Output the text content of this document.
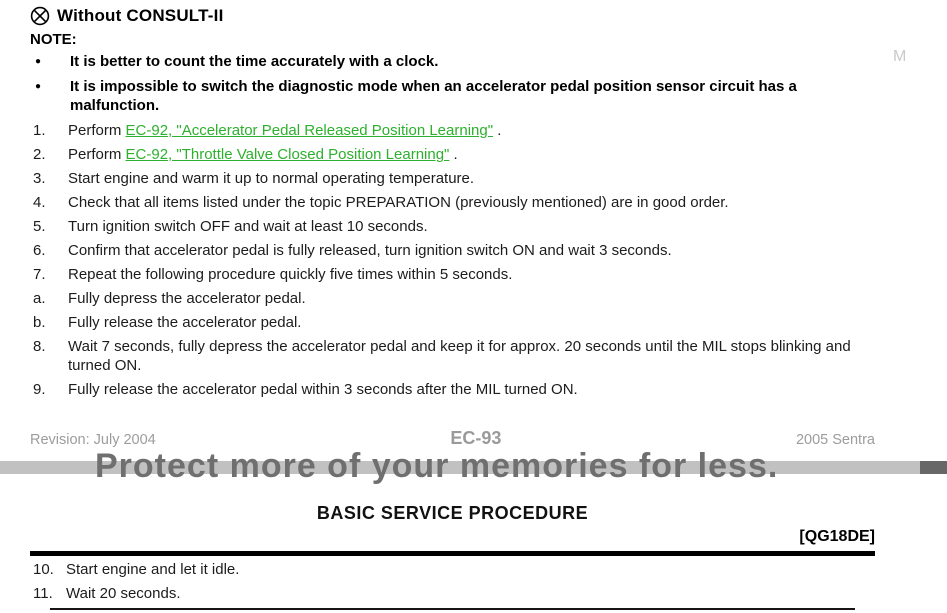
Without CONSULT-II
NOTE:
●	It is better to count the time accurately with a clock.
●	It is impossible to switch the diagnostic mode when an accelerator pedal position sensor circuit has a malfunction.
1.	Perform EC-92, "Accelerator Pedal Released Position Learning" .
2.	Perform EC-92, "Throttle Valve Closed Position Learning" .
3.	Start engine and warm it up to normal operating temperature.
4.	Check that all items listed under the topic PREPARATION (previously mentioned) are in good order.
5.	Turn ignition switch OFF and wait at least 10 seconds.
6.	Confirm that accelerator pedal is fully released, turn ignition switch ON and wait 3 seconds.
7.	Repeat the following procedure quickly five times within 5 seconds.
a.	Fully depress the accelerator pedal.
b.	Fully release the accelerator pedal.
8.	Wait 7 seconds, fully depress the accelerator pedal and keep it for approx. 20 seconds until the MIL stops blinking and turned ON.
9.	Fully release the accelerator pedal within 3 seconds after the MIL turned ON.
M
Revision: July 2004	EC-93	2005 Sentra
Protect more of your memories for less.
BASIC SERVICE PROCEDURE
[QG18DE]
10. Start engine and let it idle.
11. Wait 20 seconds.
